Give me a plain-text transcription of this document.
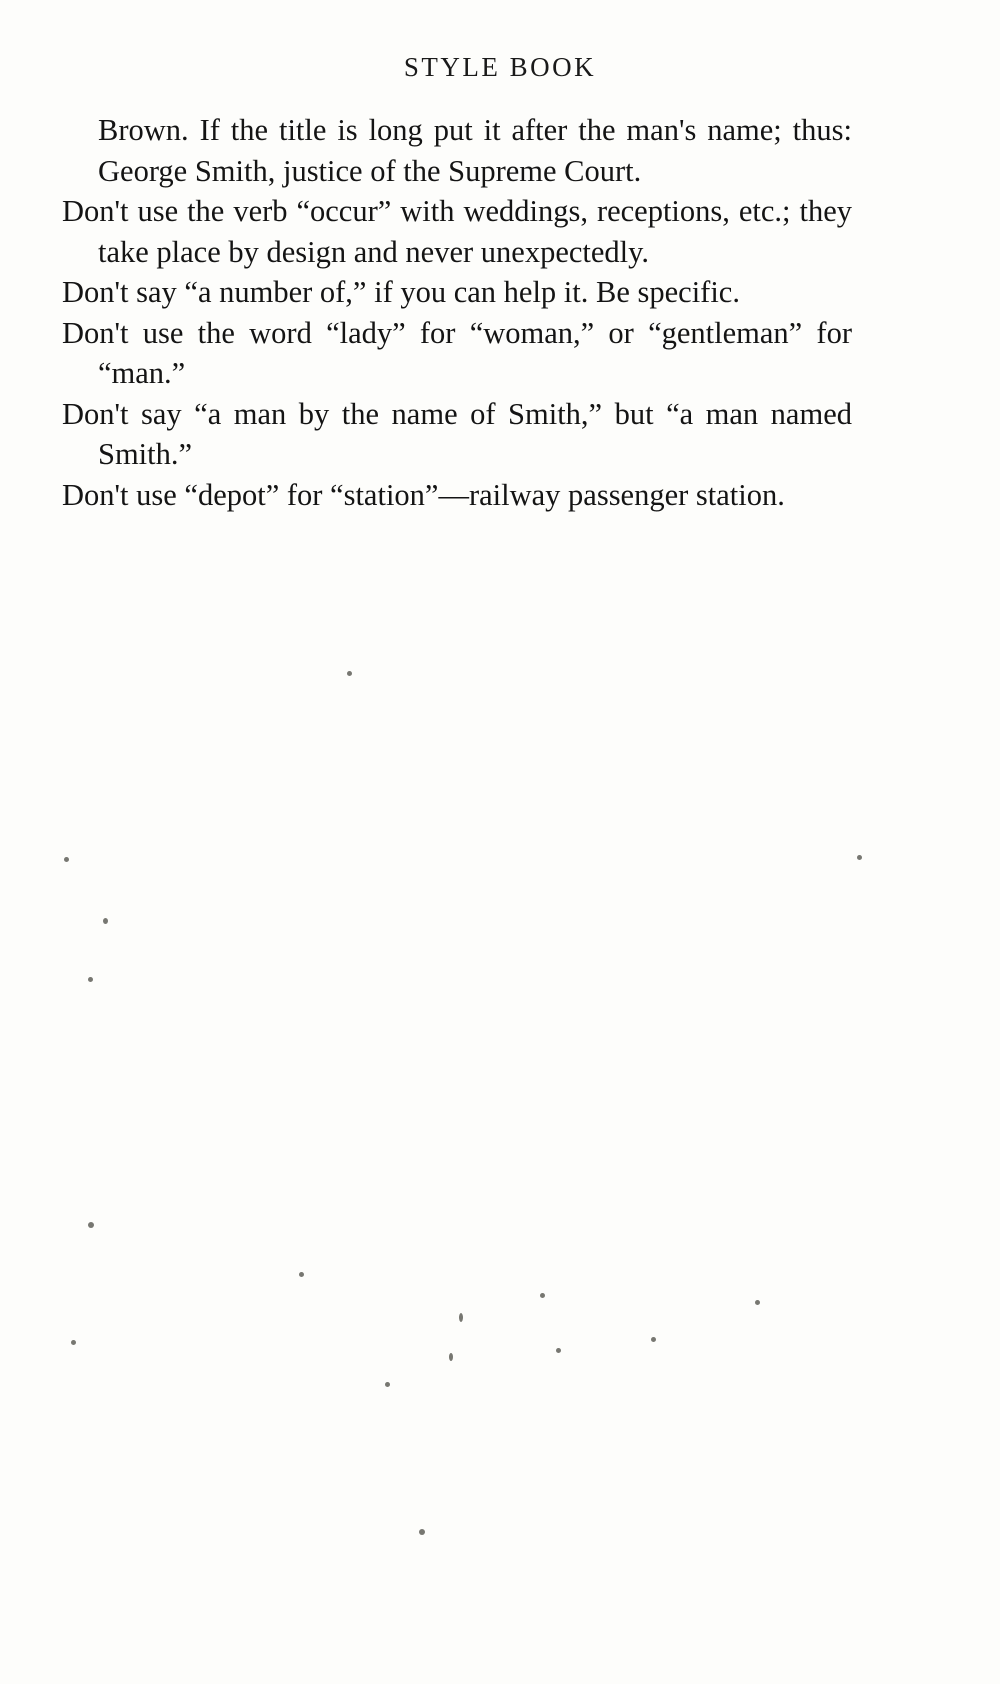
STYLE BOOK

Brown. If the title is long put it after the man's name; thus: George Smith, justice of the Supreme Court.

Don't use the verb “occur” with weddings, receptions, etc.; they take place by design and never unexpectedly.

Don't say “a number of,” if you can help it. Be specific.

Don't use the word “lady” for “woman,” or “gentleman” for “man.”

Don't say “a man by the name of Smith,” but “a man named Smith.”

Don't use “depot” for “station”—railway passenger station.
